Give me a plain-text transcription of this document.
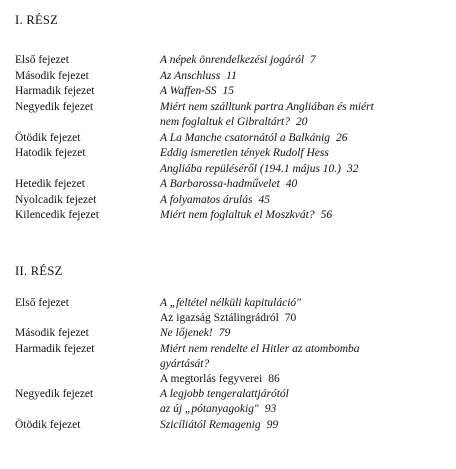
I. RÉSZ
Első fejezet	A népek önrendelkezési jogáról 7
Második fejezet	Az Anschluss 11
Harmadik fejezet	A Waffen-SS 15
Negyedik fejezet	Miért nem szálltunk partra Angliában és miért
nem foglaltuk el Gibraltárt? 20
Ötödik fejezet	A La Manche csatornától a Balkánig 26
Hatodik fejezet	Eddig ismeretlen tények Rudolf Hess
Angliába repüléséről (194.1 május 10.) 32
Hetedik fejezet	A Barbarossa-hadművelet 40
Nyolcadik fejezet	A folyamatos árulás 45
Kilencedik fejezet	Miért nem foglaltuk el Moszkvát? 56
II. RÉSZ
Első fejezet	A „feltétel nélküli kapituláció"
Az igazság Sztálingrádról 70
Második fejezet	Ne lőjenek! 79
Harmadik fejezet	Miért nem rendelte el Hitler az atombomba
gyártását?
A megtorlás fegyverei 86
Negyedik fejezet	A legjobb tengeralattjárótól
az új „pótanyagokig" 93
Ötödik fejezet	Szicíliától Remagenig 99
